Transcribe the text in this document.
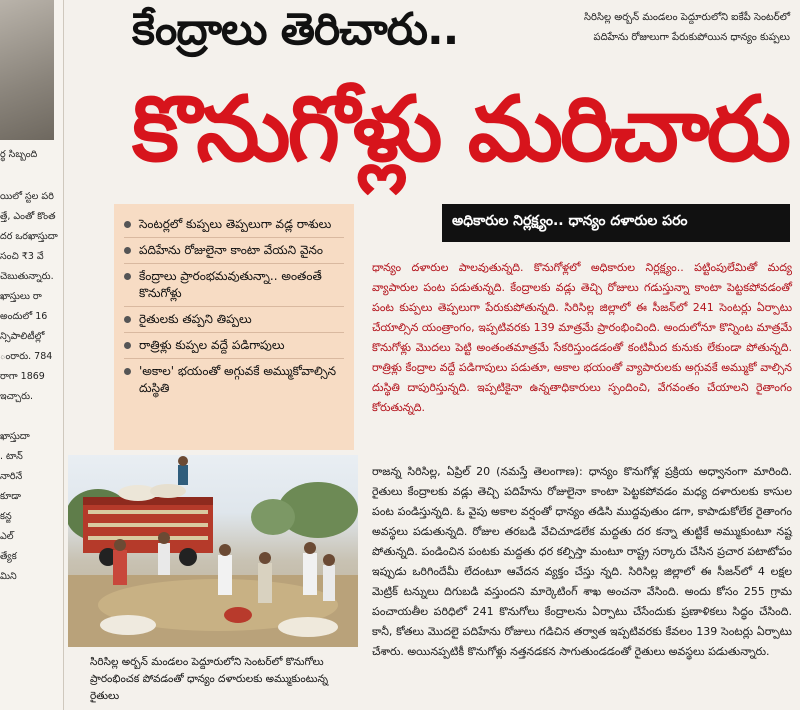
ర్ధ సిబ్బంది
యిలో స్టల పరి
త్తే, ఎంతో కొంత
దర ఒరఖాస్తుదా
సంచి ₹3 వే
చెబుతున్నారు.
ఖాస్తులు రా
అందులో 16
న్సిపాలిటీల్లో
ంరారు. 784
రాగా 1869
ఇచ్చారు.
ఖాస్తుదా
. టాన్
నారినే
కూడా
కన్జ
ఎల్
త్యేక
మిని
కేంద్రాలు తెరిచారు..
కొనుగోళ్లు మరిచారు
సిరిసిల్ల అర్బన్ మండలం పెద్దూరులోని ఐకేపీ సెంటర్‌లో పదిహేను రోజులుగా పేరుకుపోయిన ధాన్యం కుప్పలు
అధికారుల నిర్లక్ష్యం.. ధాన్యం దళారుల పరం
సెంటర్లలో కుప్పలు తెప్పలుగా వడ్ల రాశులు
పదిహేను రోజులైనా కాంటా వేయని వైనం
కేంద్రాలు ప్రారంభమవుతున్నా.. అంతంతే కొనుగోళ్లు
రైతులకు తప్పని తిప్పలు
రాత్రిళ్లు కుప్పల వద్దే పడిగాపులు
'అకాల' భయంతో అగ్గువకే అమ్ముకోవాల్సిన దుస్థితి
ధాన్యం దళారుల పాలవుతున్నది. కొనుగోళ్లలో అధికారుల నిర్లక్ష్యం.. పట్టింపులేమితో మద్య వ్యాపారుల పంట పడుతున్నది. కేంద్రాలకు వడ్లు తెచ్చి రోజులు గడుస్తున్నా కాంటా పెట్టకపోవడంతో పంట కుప్పలు తెప్పలుగా పేరుకుపోతున్నది. సిరిసిల్ల జిల్లాలో ఈ సీజన్‌లో 241 సెంటర్లు ఏర్పాటు చేయాల్సిన యంత్రాంగం, ఇప్పటివరకు 139 మాత్రమే ప్రారంభించింది. అందులోనూ కొన్నింట మాత్రమే కొనుగోళ్లు మొదలు పెట్టి అంతంతమాత్రమే సేకరిస్తుండడంతో కంటిమీద కునుకు లేకుండా పోతున్నది. రాత్రిళ్లు కేంద్రాల వద్దే పడిగాపులు పడుతూ, అకాల భయంతో వ్యాపారులకు అగ్గువకే అమ్ముకో వాల్సిన దుస్థితి దాపురిస్తున్నది. ఇప్పటికైనా ఉన్నతాధికారులు స్పందించి, వేగవంతం చేయాలని రైతాంగం కోరుతున్నది.
రాజన్న సిరిసిల్ల, ఏప్రిల్ 20 (నమస్తే తెలంగాణ): ధాన్యం కొనుగోళ్ల ప్రక్రియ అధ్వానంగా మారింది. రైతులు కేంద్రాలకు వడ్లు తెచ్చి పదిహేను రోజులైనా కాంటా పెట్టకపోవడం మధ్య దళారులకు కాసుల పంట పండిస్తున్నది. ఓ వైపు అకాల వర్షంతో ధాన్యం తడిసి ముద్దవుతుం డగా, కాపాడుకోలేక రైతాంగం అవస్థలు పడుతున్నది. రోజుల తరబడి వేచిచూడలేక మద్దతు దర కన్నా తుట్టికే అమ్ముకుంటూ నష్ట పోతున్నది. పండించిన పంటకు మద్దతు ధర కల్పిస్తా మంటూ రాష్ట్ర సర్కారు చేసిన ప్రచార పటాటోపం ఇప్పుడు ఒరిగిందేమీ లేదంటూ ఆవేదన వ్యక్తం చేస్తు న్నది. సిరిసిల్ల జిల్లాలో ఈ సీజన్‌లో 4 లక్షల మెట్రిక్ టన్నులు దిగుబడి వస్తుందని మార్కెటింగ్ శాఖ అంచనా వేసింది. అందు కోసం 255 గ్రామ పంచాయతీల పరిధిలో 241 కొనుగోలు కేంద్రాలను ఏర్పాటు చేసేందుకు ప్రణాళికలు సిద్ధం చేసింది. కానీ, కోతలు మొదలై పదిహేను రోజులు గడిచిన తర్వాత ఇప్పటివరకు కేవలం 139 సెంటర్లు ఏర్పాటు చేశారు. అయినప్పటికీ కొనుగోళ్లు నత్తనడకన సాగుతుండడంతో రైతులు అవస్థలు పడుతున్నారు.
సిరిసిల్ల అర్బన్ మండలం పెద్దూరులోని సెంటర్‌లో కొనుగోలు ప్రారంభించక పోవడంతో ధాన్యం దళారులకు అమ్ముకుంటున్న రైతులు
